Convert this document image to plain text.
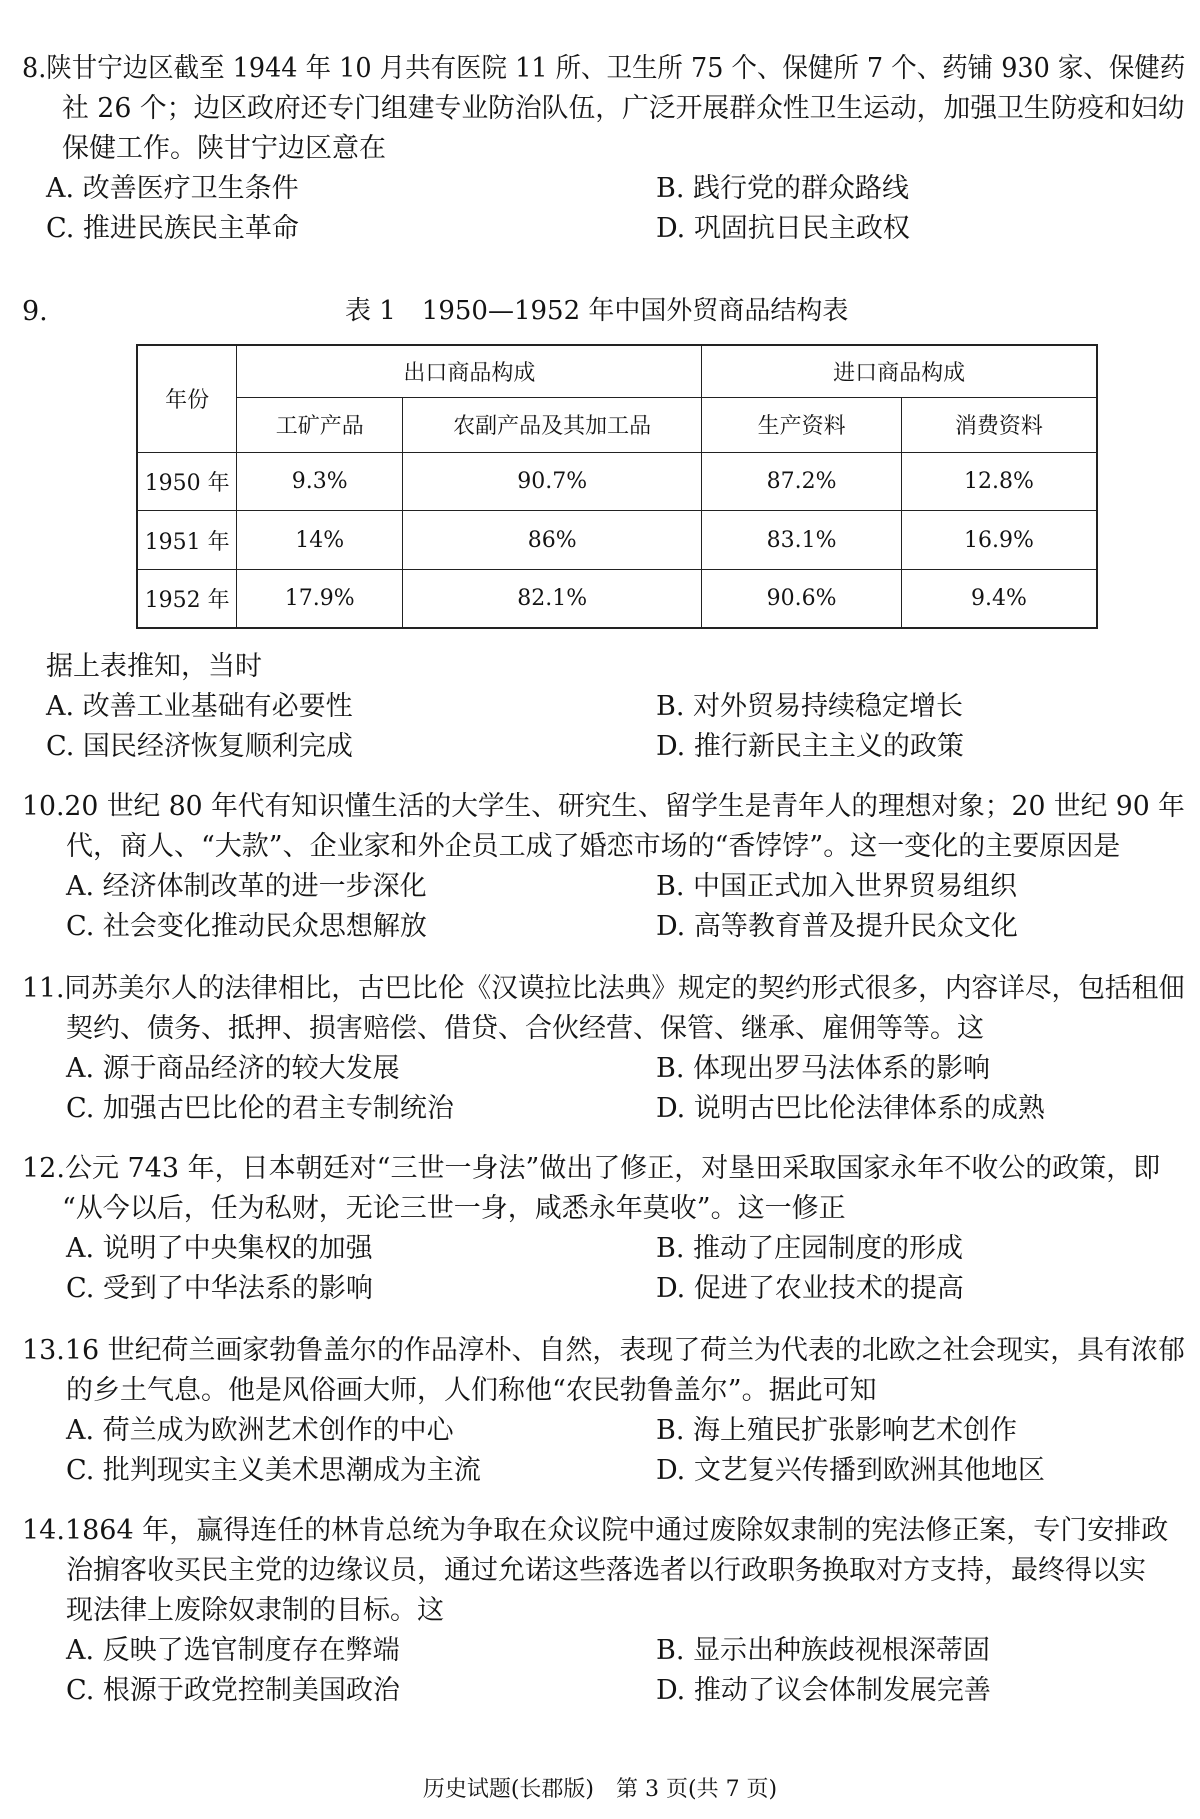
8.陕甘宁边区截至 1944 年 10 月共有医院 11 所、卫生所 75 个、保健所 7 个、药铺 930 家、保健药
社 26 个；边区政府还专门组建专业防治队伍，广泛开展群众性卫生运动，加强卫生防疫和妇幼
保健工作。陕甘宁边区意在
A. 改善医疗卫生条件	B. 践行党的群众路线
C. 推进民族民主革命	D. 巩固抗日民主政权
9.	表 1　1950—1952 年中国外贸商品结构表
年份	出口商品构成		进口商品构成	
	工矿产品	农副产品及其加工品	生产资料	消费资料
1950 年	9.3%	90.7%	87.2%	12.8%
1951 年	14%	86%	83.1%	16.9%
1952 年	17.9%	82.1%	90.6%	9.4%
据上表推知，当时
A. 改善工业基础有必要性	B. 对外贸易持续稳定增长
C. 国民经济恢复顺利完成	D. 推行新民主主义的政策
10.20 世纪 80 年代有知识懂生活的大学生、研究生、留学生是青年人的理想对象；20 世纪 90 年
代，商人、“大款”、企业家和外企员工成了婚恋市场的“香饽饽”。这一变化的主要原因是
A. 经济体制改革的进一步深化	B. 中国正式加入世界贸易组织
C. 社会变化推动民众思想解放	D. 高等教育普及提升民众文化
11.同苏美尔人的法律相比，古巴比伦《汉谟拉比法典》规定的契约形式很多，内容详尽，包括租佃
契约、债务、抵押、损害赔偿、借贷、合伙经营、保管、继承、雇佣等等。这
A. 源于商品经济的较大发展	B. 体现出罗马法体系的影响
C. 加强古巴比伦的君主专制统治	D. 说明古巴比伦法律体系的成熟
12.公元 743 年，日本朝廷对“三世一身法”做出了修正，对垦田采取国家永年不收公的政策，即
“从今以后，任为私财，无论三世一身，咸悉永年莫收”。这一修正
A. 说明了中央集权的加强	B. 推动了庄园制度的形成
C. 受到了中华法系的影响	D. 促进了农业技术的提高
13.16 世纪荷兰画家勃鲁盖尔的作品淳朴、自然，表现了荷兰为代表的北欧之社会现实，具有浓郁
的乡土气息。他是风俗画大师，人们称他“农民勃鲁盖尔”。据此可知
A. 荷兰成为欧洲艺术创作的中心	B. 海上殖民扩张影响艺术创作
C. 批判现实主义美术思潮成为主流	D. 文艺复兴传播到欧洲其他地区
14.1864 年，赢得连任的林肯总统为争取在众议院中通过废除奴隶制的宪法修正案，专门安排政
治掮客收买民主党的边缘议员，通过允诺这些落选者以行政职务换取对方支持，最终得以实
现法律上废除奴隶制的目标。这
A. 反映了选官制度存在弊端	B. 显示出种族歧视根深蒂固
C. 根源于政党控制美国政治	D. 推动了议会体制发展完善
历史试题(长郡版)　第 3 页(共 7 页)
